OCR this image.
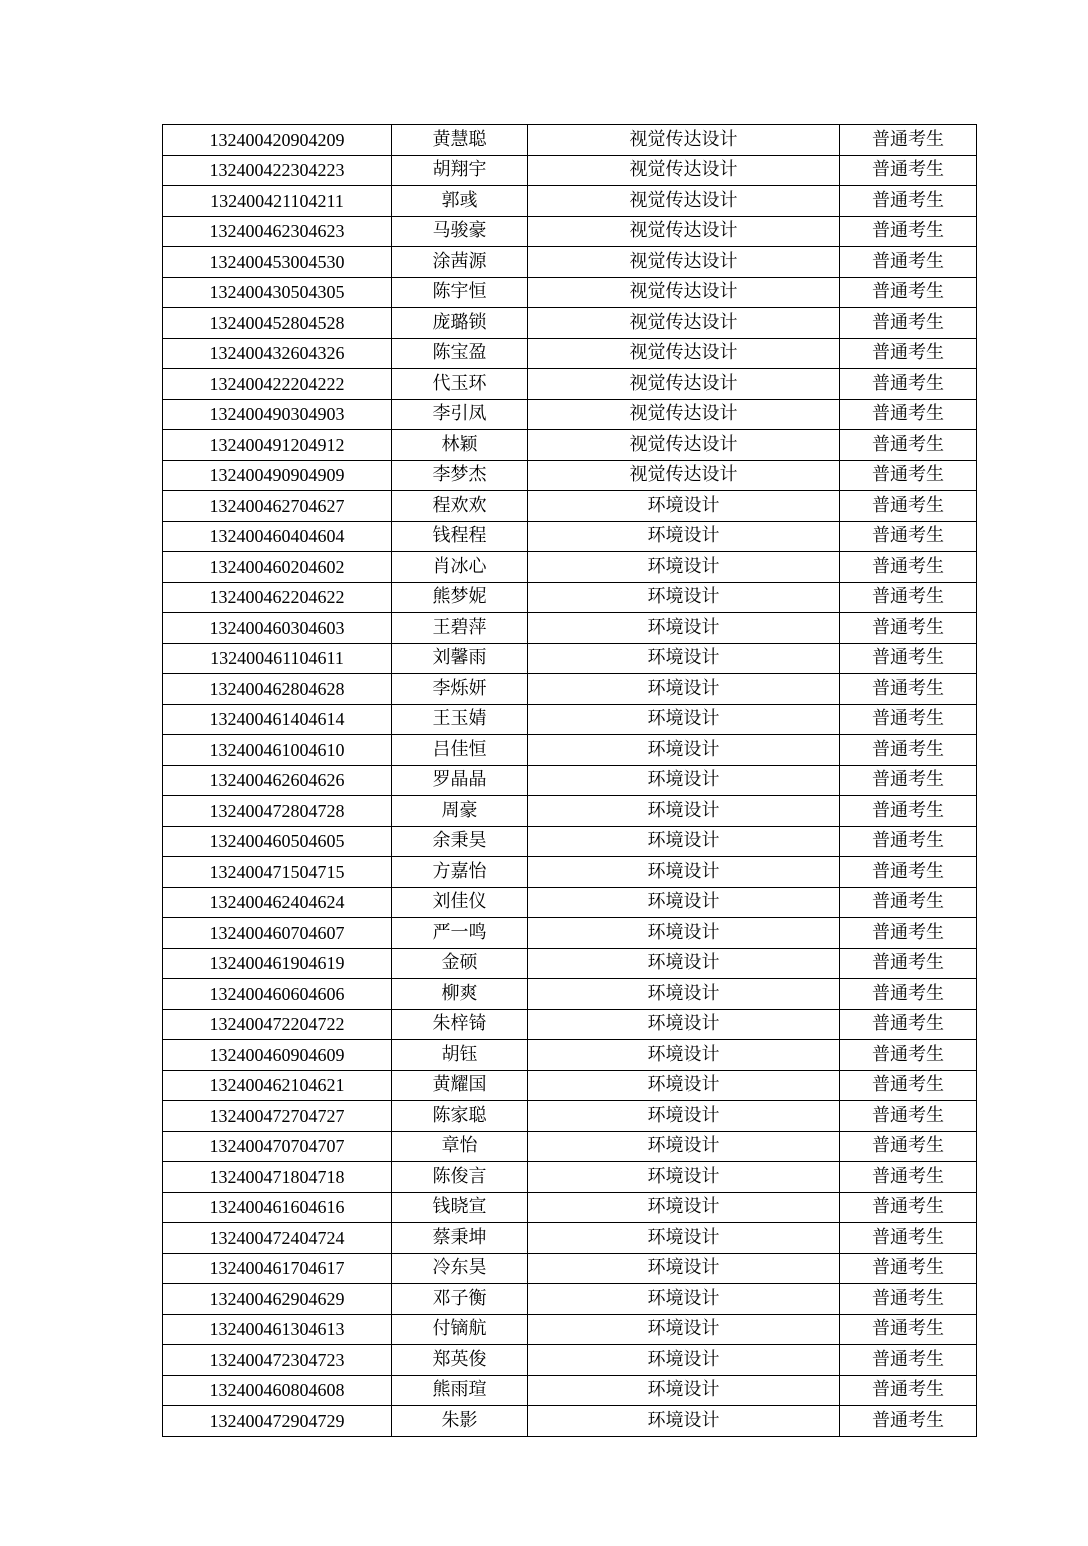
132400420904209	黄慧聪	视觉传达设计	普通考生
132400422304223	胡翔宇	视觉传达设计	普通考生
132400421104211	郭彧	视觉传达设计	普通考生
132400462304623	马骏豪	视觉传达设计	普通考生
132400453004530	涂茜源	视觉传达设计	普通考生
132400430504305	陈宇恒	视觉传达设计	普通考生
132400452804528	庞璐锁	视觉传达设计	普通考生
132400432604326	陈宝盈	视觉传达设计	普通考生
132400422204222	代玉环	视觉传达设计	普通考生
132400490304903	李引凤	视觉传达设计	普通考生
132400491204912	林颖	视觉传达设计	普通考生
132400490904909	李梦杰	视觉传达设计	普通考生
132400462704627	程欢欢	环境设计	普通考生
132400460404604	钱程程	环境设计	普通考生
132400460204602	肖冰心	环境设计	普通考生
132400462204622	熊梦妮	环境设计	普通考生
132400460304603	王碧萍	环境设计	普通考生
132400461104611	刘馨雨	环境设计	普通考生
132400462804628	李烁妍	环境设计	普通考生
132400461404614	王玉婧	环境设计	普通考生
132400461004610	吕佳恒	环境设计	普通考生
132400462604626	罗晶晶	环境设计	普通考生
132400472804728	周豪	环境设计	普通考生
132400460504605	余秉昊	环境设计	普通考生
132400471504715	方嘉怡	环境设计	普通考生
132400462404624	刘佳仪	环境设计	普通考生
132400460704607	严一鸣	环境设计	普通考生
132400461904619	金硕	环境设计	普通考生
132400460604606	柳爽	环境设计	普通考生
132400472204722	朱梓锜	环境设计	普通考生
132400460904609	胡钰	环境设计	普通考生
132400462104621	黄耀国	环境设计	普通考生
132400472704727	陈家聪	环境设计	普通考生
132400470704707	章怡	环境设计	普通考生
132400471804718	陈俊言	环境设计	普通考生
132400461604616	钱晓宣	环境设计	普通考生
132400472404724	蔡秉坤	环境设计	普通考生
132400461704617	冷东昊	环境设计	普通考生
132400462904629	邓子衡	环境设计	普通考生
132400461304613	付镝航	环境设计	普通考生
132400472304723	郑英俊	环境设计	普通考生
132400460804608	熊雨瑄	环境设计	普通考生
132400472904729	朱影	环境设计	普通考生
